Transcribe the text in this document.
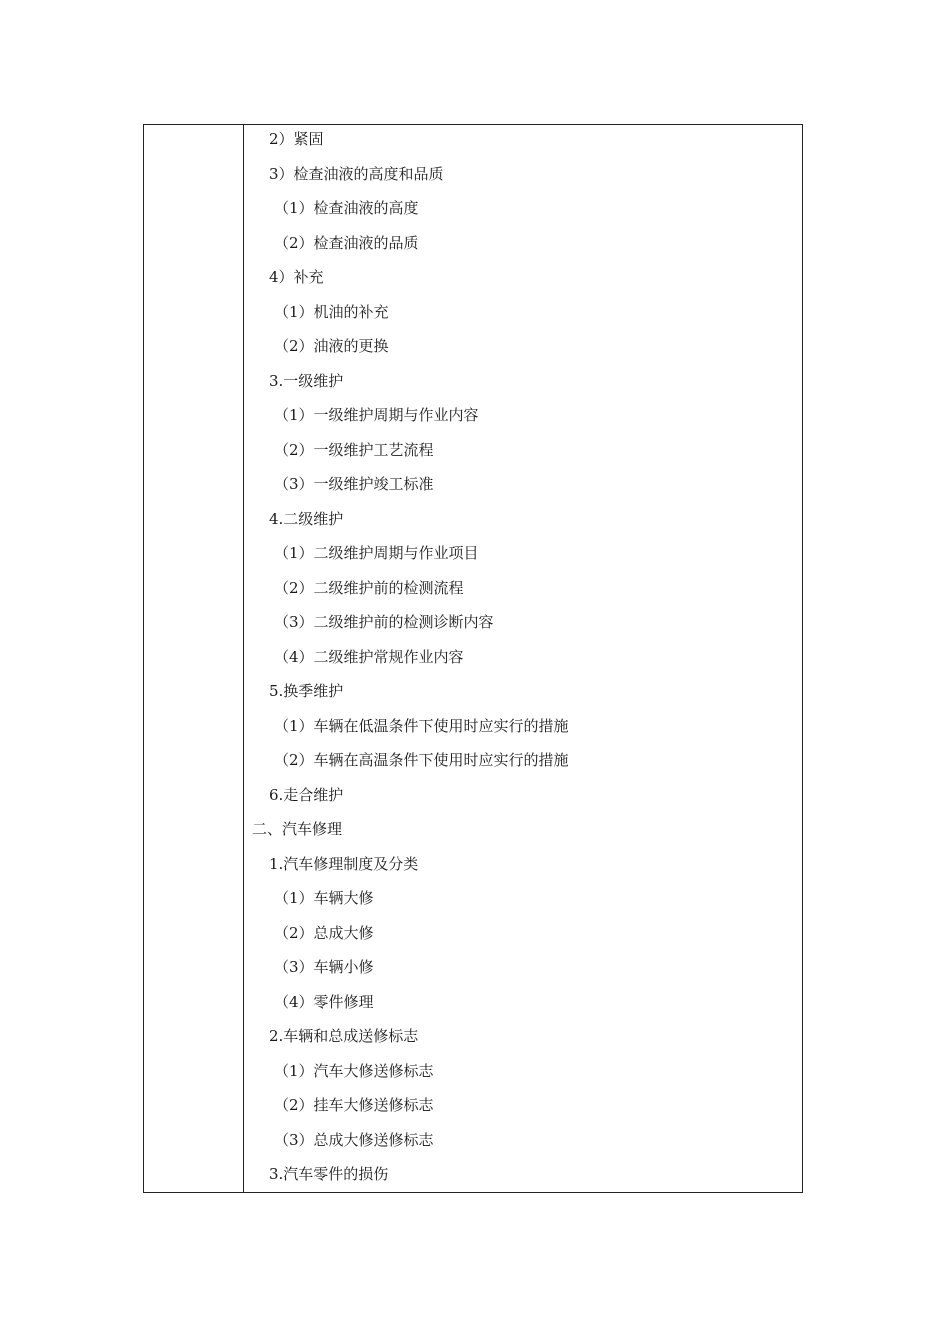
2）紧固
3）检查油液的高度和品质
（1）检查油液的高度
（2）检查油液的品质
4）补充
（1）机油的补充
（2）油液的更换
3.一级维护
（1）一级维护周期与作业内容
（2）一级维护工艺流程
（3）一级维护竣工标准
4.二级维护
（1）二级维护周期与作业项目
（2）二级维护前的检测流程
（3）二级维护前的检测诊断内容
（4）二级维护常规作业内容
5.换季维护
（1）车辆在低温条件下使用时应实行的措施
（2）车辆在高温条件下使用时应实行的措施
6.走合维护
二、汽车修理
1.汽车修理制度及分类
（1）车辆大修
（2）总成大修
（3）车辆小修
（4）零件修理
2.车辆和总成送修标志
（1）汽车大修送修标志
（2）挂车大修送修标志
（3）总成大修送修标志
3.汽车零件的损伤
